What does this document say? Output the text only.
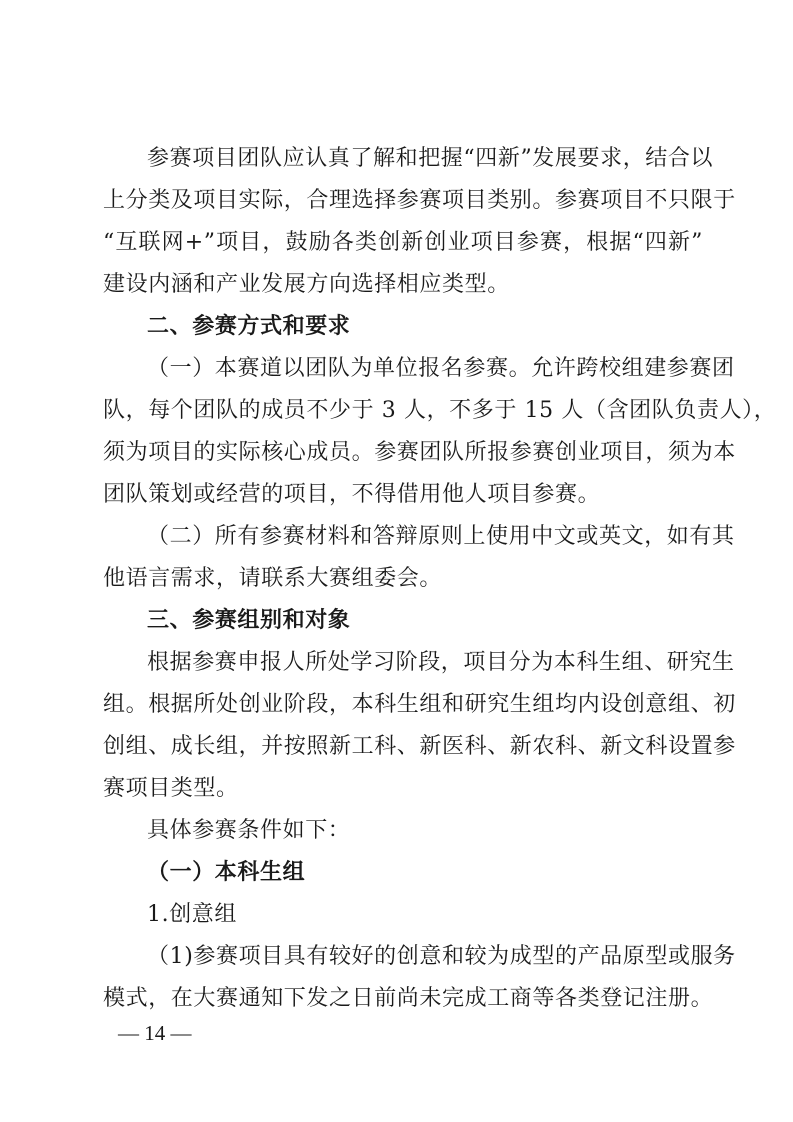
参赛项目团队应认真了解和把握“四新”发展要求，结合以
上分类及项目实际，合理选择参赛项目类别。参赛项目不只限于
“互联网+”项目，鼓励各类创新创业项目参赛，根据“四新”
建设内涵和产业发展方向选择相应类型。
二、参赛方式和要求
（一）本赛道以团队为单位报名参赛。允许跨校组建参赛团
队，每个团队的成员不少于 3 人，不多于 15 人（含团队负责人），
须为项目的实际核心成员。参赛团队所报参赛创业项目，须为本
团队策划或经营的项目，不得借用他人项目参赛。
（二）所有参赛材料和答辩原则上使用中文或英文，如有其
他语言需求，请联系大赛组委会。
三、参赛组别和对象
根据参赛申报人所处学习阶段，项目分为本科生组、研究生
组。根据所处创业阶段，本科生组和研究生组均内设创意组、初
创组、成长组，并按照新工科、新医科、新农科、新文科设置参
赛项目类型。
具体参赛条件如下：
（一）本科生组
1.创意组
（1)参赛项目具有较好的创意和较为成型的产品原型或服务
模式，在大赛通知下发之日前尚未完成工商等各类登记注册。
— 14 —
